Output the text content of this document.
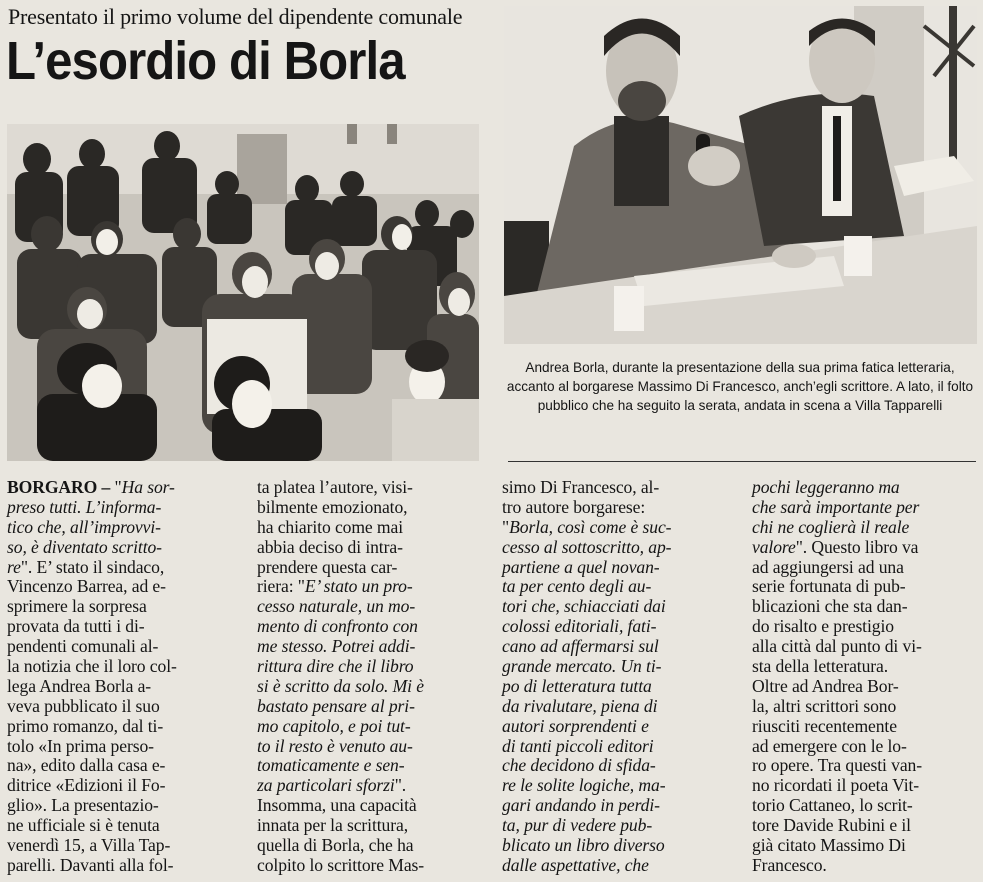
Presentato il primo volume del dipendente comunale
L’esordio di Borla
Andrea Borla, durante la presentazione della sua prima fatica letteraria, accanto al borgarese Massimo Di Francesco, anch’egli scrittore. A lato, il folto pubblico che ha seguito la serata, andata in scena a Villa Tapparelli
BORGARO – "Ha sor-
preso tutti. L’informa-
tico che, all’improvvi-
so, è diventato scritto-
re". E’ stato il sindaco,
Vincenzo Barrea, ad e-
sprimere la sorpresa
provata da tutti i di-
pendenti comunali al-
la notizia che il loro col-
lega Andrea Borla a-
veva pubblicato il suo
primo romanzo, dal ti-
tolo «In prima perso-
na», edito dalla casa e-
ditrice «Edizioni il Fo-
glio». La presentazio-
ne ufficiale si è tenuta
venerdì 15, a Villa Tap-
parelli. Davanti alla fol-
ta platea l’autore, visi-
bilmente emozionato,
ha chiarito come mai
abbia deciso di intra-
prendere questa car-
riera: "E’ stato un pro-
cesso naturale, un mo-
mento di confronto con
me stesso. Potrei addi-
rittura dire che il libro
si è scritto da solo. Mi è
bastato pensare al pri-
mo capitolo, e poi tut-
to il resto è venuto au-
tomaticamente e sen-
za particolari sforzi".
Insomma, una capacità
innata per la scrittura,
quella di Borla, che ha
colpito lo scrittore Mas-
simo Di Francesco, al-
tro autore borgarese:
"Borla, così come è suc-
cesso al sottoscritto, ap-
partiene a quel novan-
ta per cento degli au-
tori che, schiacciati dai
colossi editoriali, fati-
cano ad affermarsi sul
grande mercato. Un ti-
po di letteratura tutta
da rivalutare, piena di
autori sorprendenti e
di tanti piccoli editori
che decidono di sfida-
re le solite logiche, ma-
gari andando in perdi-
ta, pur di vedere pub-
blicato un libro diverso
dalle aspettative, che
pochi leggeranno ma
che sarà importante per
chi ne coglierà il reale
valore". Questo libro va
ad aggiungersi ad una
serie fortunata di pub-
blicazioni che sta dan-
do risalto e prestigio
alla città dal punto di vi-
sta della letteratura.
Oltre ad Andrea Bor-
la, altri scrittori sono
riusciti recentemente
ad emergere con le lo-
ro opere. Tra questi van-
no ricordati il poeta Vit-
torio Cattaneo, lo scrit-
tore Davide Rubini e il
già citato Massimo Di
Francesco.
